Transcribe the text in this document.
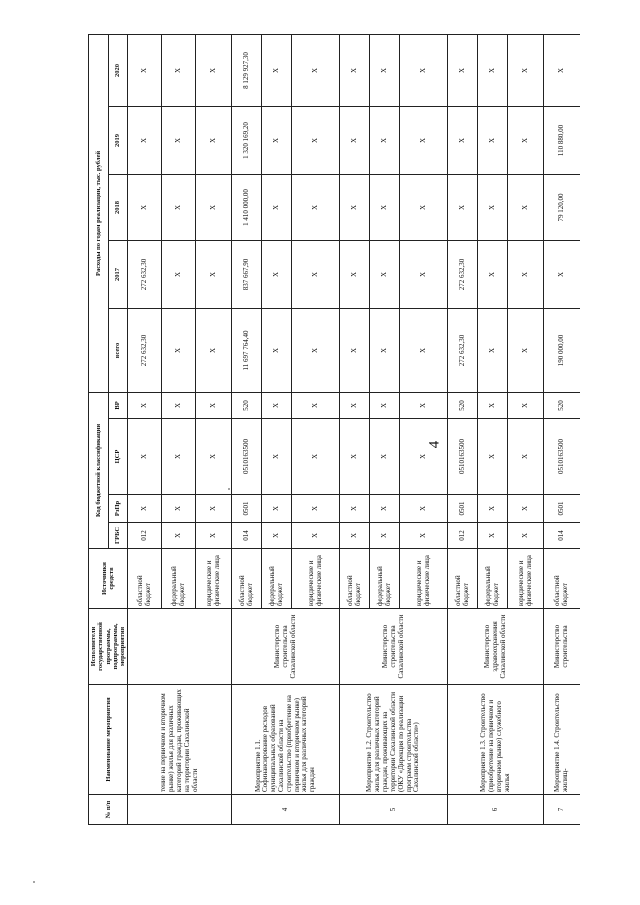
4
№ п/п	Наименование мероприятия	Исполнители государственной программы, подпрограммы, мероприятия	Источники средств	Код бюджетной классификации				Расходы по годам реализации, тыс. рублей				
				ГРБС	РзПр	ЦСР	ВР	всего	2017	2018	2019	2020
	тение на первичном и вторичном рынке) жилья для различных категорий граждан, проживающих на территории Сахалинской области		областной бюджет	012	X	X	X	272 632,30	272 632,30	X	X	X
			федеральный бюджет	X	X	X	X	X	X	X	X	X
			юридические и физические лица	X	X	X	X	X	X	X	X	X
4	Мероприятие 1.1. Софинансирование расходов муниципальных образований Сахалинской области на строительство (приобретение на первичном и вторичном рынке) жилья для различных категорий граждан	Министерство строительства Сахалинской области	областной бюджет	014	0501	0510163500	520	11 697 764,40	837 667,90	1 410 000,00	1 320 169,20	8 129 927,30
			федеральный бюджет	X	X	X	X	X	X	X	X	X
			юридические и физические лица	X	X	X	X	X	X	X	X	X
5	Мероприятие 1.2. Строительство жилья для различных категорий граждан, проживающих на территории Сахалинской области (ОКУ «Дирекция по реализации программ строительства Сахалинской области»)	Министерство строительства Сахалинской области	областной бюджет	X	X	X	X	X	X	X	X	X
			федеральный бюджет	X	X	X	X	X	X	X	X	X
			юридические и физические лица	X	X	X	X	X	X	X	X	X
6	Мероприятие 1.3. Строительство (приобретение на первичном и вторичном рынке) служебного жилья	Министерство здравоохранения Сахалинской области	областной бюджет	012	0501	0510163500	520	272 632,30	272 632,30	X	X	X
			федеральный бюджет	X	X	X	X	X	X	X	X	X
			юридические и физические лица	X	X	X	X	X	X	X	X	X
7	Мероприятие 1.4. Строительство жилищ-	Министерство строительства	областной бюджет	014	0501	0510163500	520	190 000,00	X	79 120,00	110 880,00	X
